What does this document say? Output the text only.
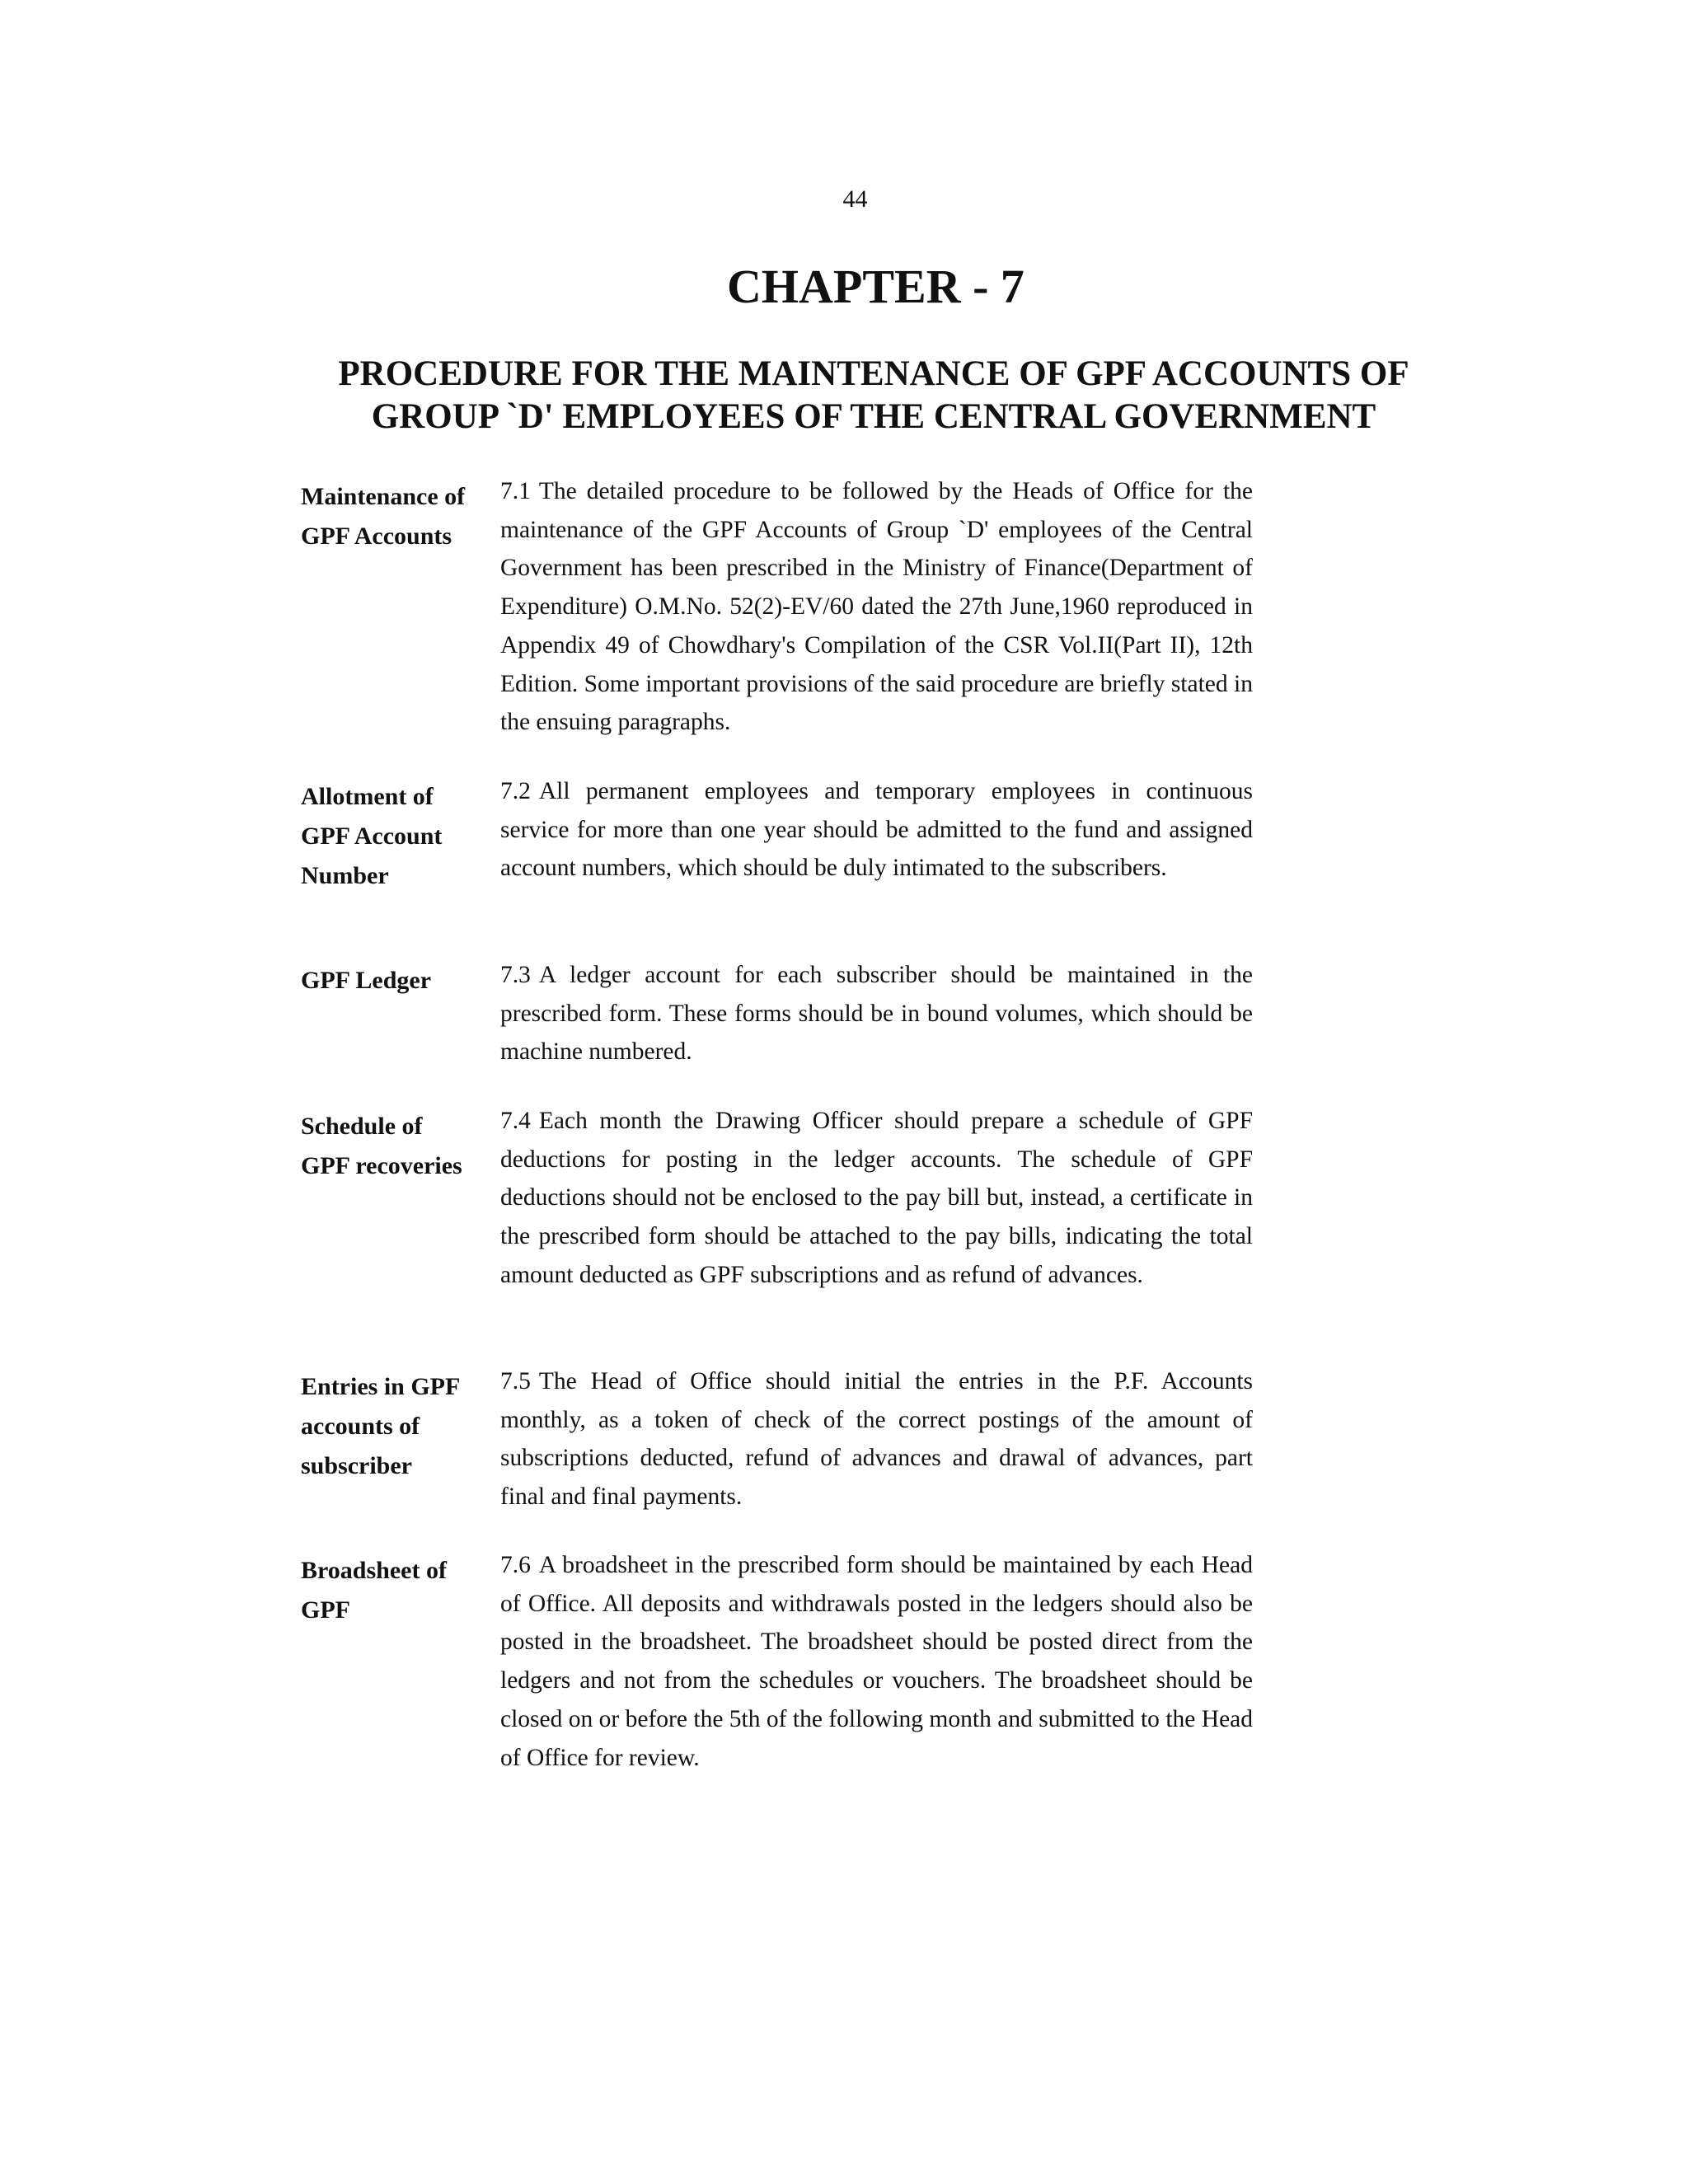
44
CHAPTER - 7
PROCEDURE FOR THE MAINTENANCE OF GPF ACCOUNTS OF
GROUP `D' EMPLOYEES OF THE CENTRAL GOVERNMENT
Maintenance of
GPF Accounts

7.1 The detailed procedure to be followed by the Heads of Office for the maintenance of the GPF Accounts of Group `D' employees of the Central Government has been prescribed in the Ministry of Finance(Department of Expenditure) O.M.No. 52(2)-EV/60 dated the 27th June,1960 reproduced in Appendix 49 of Chowdhary's Compilation of the CSR Vol.II(Part II), 12th Edition. Some important provisions of the said procedure are briefly stated in the ensuing paragraphs.

Allotment of
GPF Account
Number

7.2 All permanent employees and temporary employees in continuous service for more than one year should be admitted to the fund and assigned account numbers, which should be duly intimated to the subscribers.

GPF Ledger	7.3 A ledger account for each subscriber should be maintained in the prescribed form. These forms should be in bound volumes, which should be machine numbered.

Schedule of
GPF recoveries

7.4 Each month the Drawing Officer should prepare a schedule of GPF deductions for posting in the ledger accounts. The schedule of GPF deductions should not be enclosed to the pay bill but, instead, a certificate in the prescribed form should be attached to the pay bills, indicating the total amount deducted as GPF subscriptions and as refund of advances.

Entries in GPF
accounts of
subscriber

7.5 The Head of Office should initial the entries in the P.F. Accounts monthly, as a token of check of the correct postings of the amount of subscriptions deducted, refund of advances and drawal of advances, part final and final payments.

Broadsheet of
GPF

7.6 A broadsheet in the prescribed form should be maintained by each Head of Office. All deposits and withdrawals posted in the ledgers should also be posted in the broadsheet. The broadsheet should be posted direct from the ledgers and not from the schedules or vouchers. The broadsheet should be closed on or before the 5th of the following month and submitted to the Head of Office for review.
